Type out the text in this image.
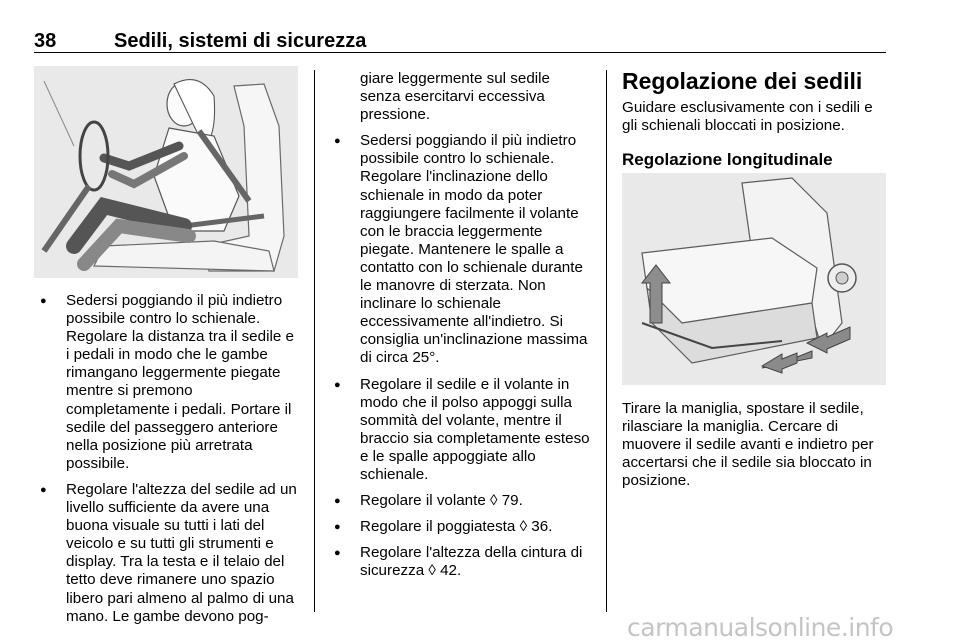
38	Sedili, sistemi di sicurezza
● Sedersi poggiando il più indietro possibile contro lo schienale. Regolare la distanza tra il sedile e i pedali in modo che le gambe rimangano leggermente piegate mentre si premono completamente i pedali. Portare il sedile del passeggero anteriore nella posizione più arretrata possibile.
● Regolare l'altezza del sedile ad un livello sufficiente da avere una buona visuale su tutti i lati del veicolo e su tutti gli strumenti e display. Tra la testa e il telaio del tetto deve rimanere uno spazio libero pari almeno al palmo di una mano. Le gambe devono pog-
giare leggermente sul sedile senza esercitarvi eccessiva pressione.
● Sedersi poggiando il più indietro possibile contro lo schienale. Regolare l'inclinazione dello schienale in modo da poter raggiungere facilmente il volante con le braccia leggermente piegate. Mantenere le spalle a contatto con lo schienale durante le manovre di sterzata. Non inclinare lo schienale eccessivamente all'indietro. Si consiglia un'inclinazione massima di circa 25°.
● Regolare il sedile e il volante in modo che il polso appoggi sulla sommità del volante, mentre il braccio sia completamente esteso e le spalle appoggiate allo schienale.
● Regolare il volante ◊ 79.
● Regolare il poggiatesta ◊ 36.
● Regolare l'altezza della cintura di sicurezza ◊ 42.
Regolazione dei sedili

Guidare esclusivamente con i sedili e gli schienali bloccati in posizione.

Regolazione longitudinale

Tirare la maniglia, spostare il sedile, rilasciare la maniglia. Cercare di muovere il sedile avanti e indietro per accertarsi che il sedile sia bloccato in posizione.

carmanualsonline.info
